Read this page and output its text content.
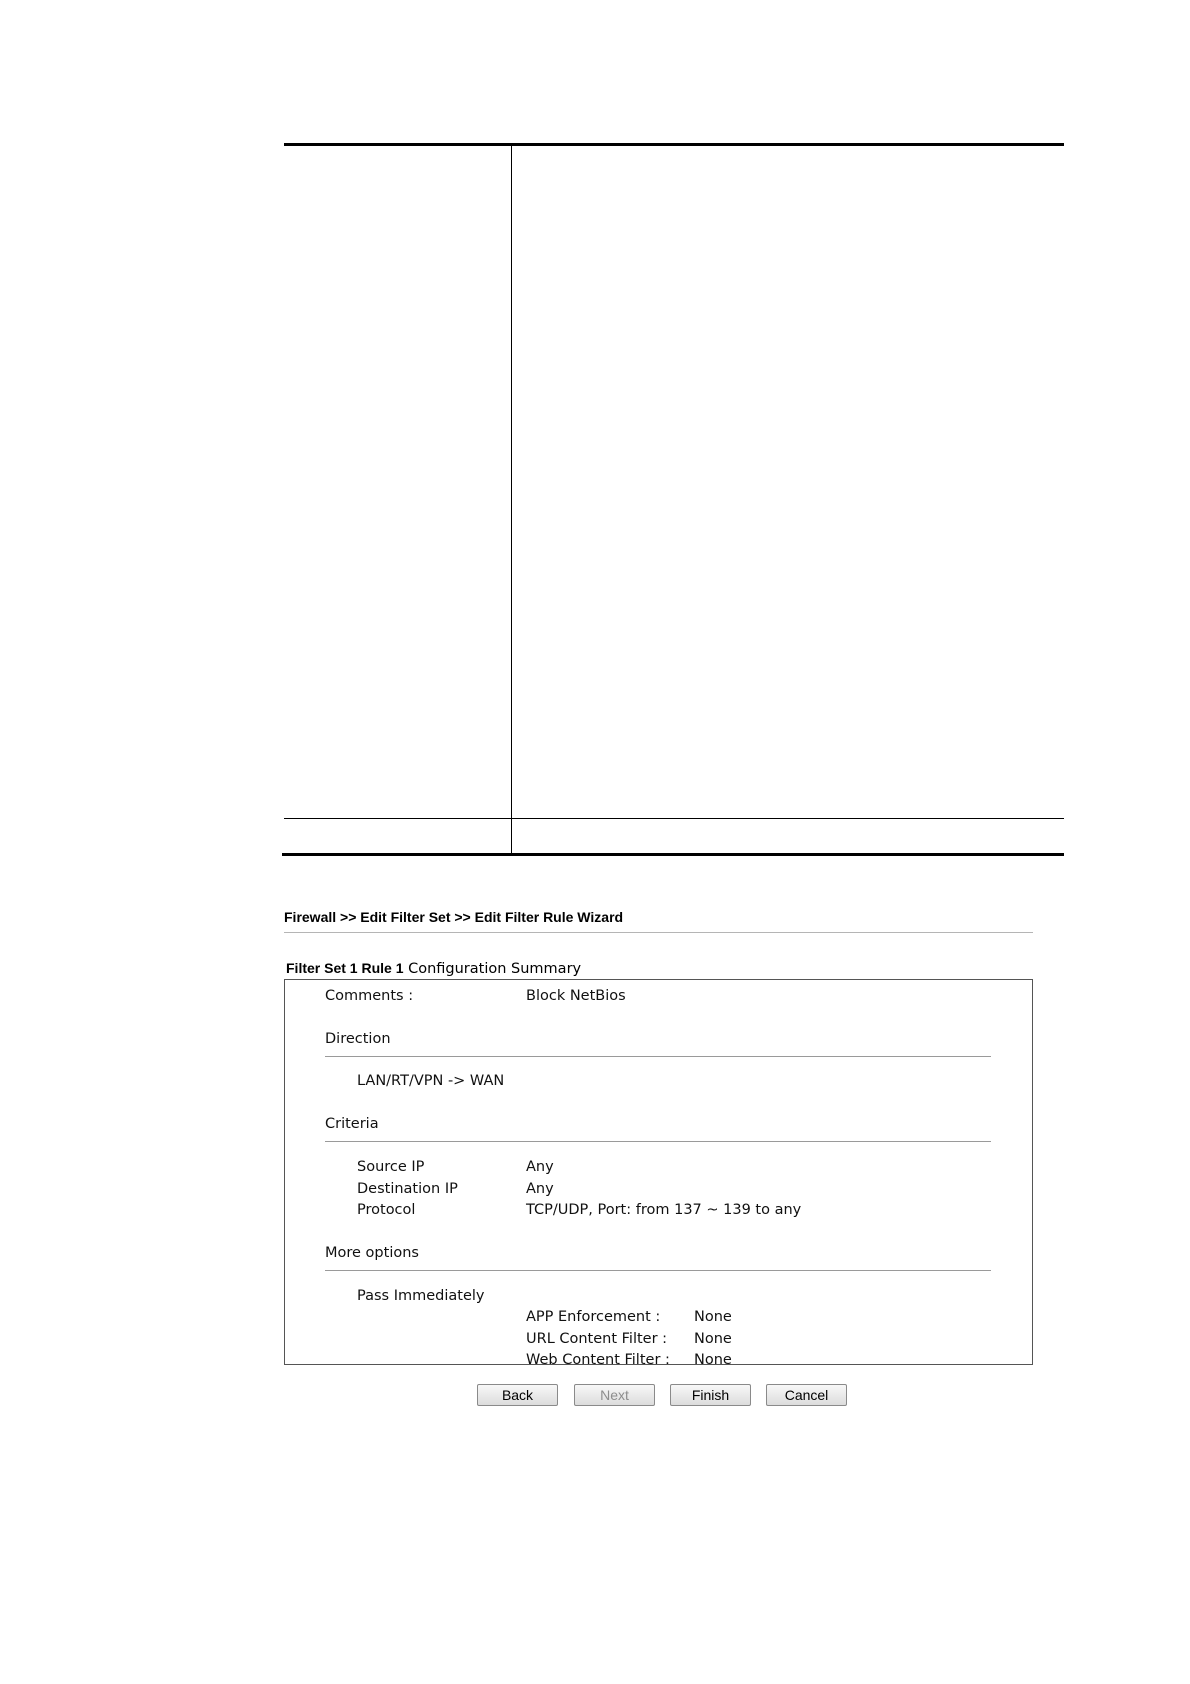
Firewall >> Edit Filter Set >> Edit Filter Rule Wizard
Filter Set 1 Rule 1 Configuration Summary
Comments :	Block NetBios
Direction
LAN/RT/VPN -> WAN
Criteria
Source IP	Any
Destination IP	Any
Protocol	TCP/UDP, Port: from 137 ~ 139 to any
More options
Pass Immediately
APP Enforcement : None
URL Content Filter : None
Web Content Filter : None
Back	Next	Finish	Cancel
